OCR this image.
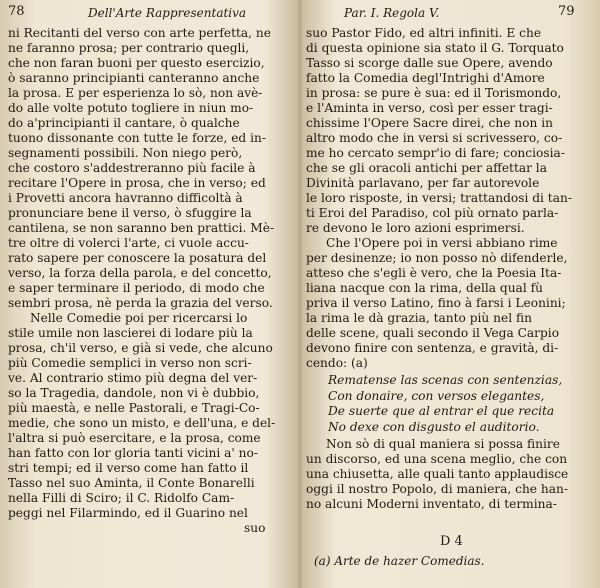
78	Dell'Arte Rappresentativa
ni Recitanti del verso con arte perfetta, ne
ne faranno prosa; per contrario quegli,
che non faran buoni per questo esercizio,
ò saranno principianti canteranno anche
la prosa. E per esperienza lo sò, non avè-
do alle volte potuto togliere in niun mo-
do a'principianti il cantare, ò qualche
tuono dissonante con tutte le forze, ed in-
segnamenti possibili. Non niego però,
che costoro s'addestreranno più facile à
recitare l'Opere in prosa, che in verso; ed
i Provetti ancora havranno difficoltà à
pronunciare bene il verso, ò sfuggire la
cantilena, se non saranno ben prattici. Mè-
tre oltre di volerci l'arte, ci vuole accu-
rato sapere per conoscere la posatura del
verso, la forza della parola, e del concetto,
e saper terminare il periodo, di modo che
sembri prosa, nè perda la grazia del verso.
Nelle Comedie poi per ricercarsi lo
stile umile non lascierei di lodare più la
prosa, ch'il verso, e già si vede, che alcuno
più Comedie semplici in verso non scri-
ve. Al contrario stimo più degna del ver-
so la Tragedia, dandole, non vi è dubbio,
più maestà, e nelle Pastorali, e Tragi-Co-
medie, che sono un misto, e dell'una, e del-
l'altra si può esercitare, e la prosa, come
han fatto con lor gloria tanti vicini a' no-
stri tempi; ed il verso come han fatto il
Tasso nel suo Aminta, il Conte Bonarelli
nella Filli di Sciro; il C. Ridolfo Cam-
peggi nel Filarmindo, ed il Guarino nel
suo
Par. I. Regola V.	79
suo Pastor Fido, ed altri infiniti. E che
di questa opinione sia stato il G. Torquato
Tasso si scorge dalle sue Opere, avendo
fatto la Comedia degl'Intrighi d'Amore
in prosa: se pure è sua: ed il Torismondo,
e l'Aminta in verso, così per esser tragi-
chissime l'Opere Sacre direi, che non in
altro modo che in versi si scrivessero, co-
me ho cercato sempr'io di fare; conciosia-
che se gli oracoli antichi per affettar la
Divinità parlavano, per far autorevole
le loro risposte, in versi; trattandosi di tan-
ti Eroi del Paradiso, col più ornato parla-
re devono le loro azioni esprimersi.
Che l'Opere poi in versi abbiano rime
per desinenze; io non posso nò difenderle,
atteso che s'egli è vero, che la Poesia Ita-
liana nacque con la rima, della qual fù
priva il verso Latino, fino à farsi i Leonini;
la rima le dà grazia, tanto più nel fin
delle scene, quali secondo il Vega Carpio
devono finire con sentenza, e gravità, di-
cendo: (a)
Rematense las scenas con sentenzias,
Con donaire, con versos elegantes,
De suerte que al entrar el que recita
No dexe con disgusto el auditorio.
Non sò di qual maniera si possa finire
un discorso, ed una scena meglio, che con
una chiusetta, alle quali tanto applaudisce
oggi il nostro Popolo, di maniera, che han-
no alcuni Moderni inventato, di termina-
D 4
(a) Arte de hazer Comedias.
